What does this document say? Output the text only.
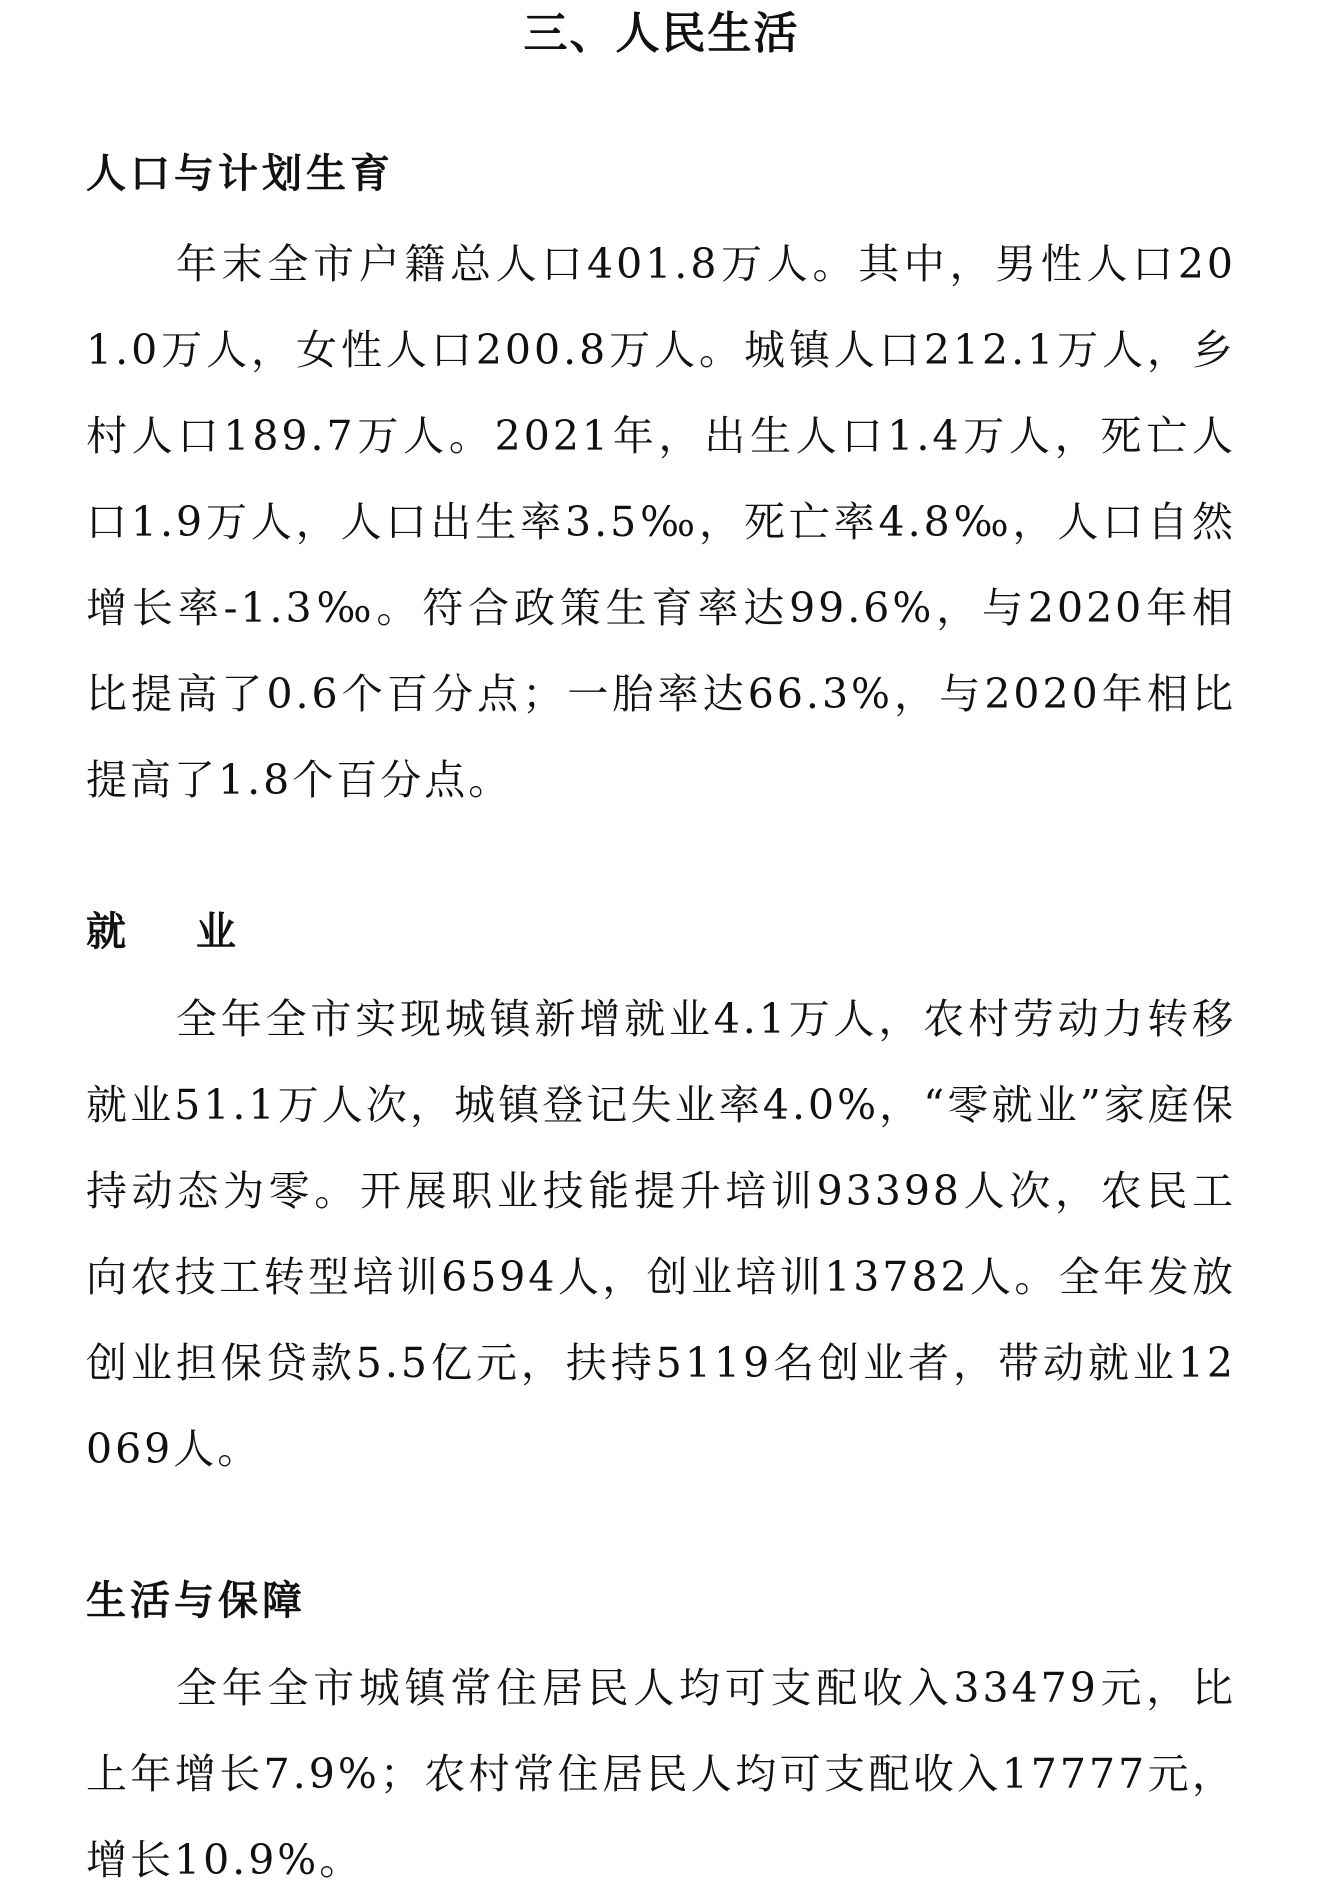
三、人民生活
人口与计划生育
年末全市户籍总人口401.8万人。其中，男性人口201.0万人，女性人口200.8万人。城镇人口212.1万人，乡村人口189.7万人。2021年，出生人口1.4万人，死亡人口1.9万人，人口出生率3.5‰，死亡率4.8‰，人口自然增长率-1.3‰。符合政策生育率达99.6%，与2020年相比提高了0.6个百分点；一胎率达66.3%，与2020年相比提高了1.8个百分点。
就 业
全年全市实现城镇新增就业4.1万人，农村劳动力转移就业51.1万人次，城镇登记失业率4.0%，“零就业”家庭保持动态为零。开展职业技能提升培训93398人次，农民工向农技工转型培训6594人，创业培训13782人。全年发放创业担保贷款5.5亿元，扶持5119名创业者，带动就业12069人。
生活与保障
全年全市城镇常住居民人均可支配收入33479元，比上年增长7.9%；农村常住居民人均可支配收入17777元，增长10.9%。
